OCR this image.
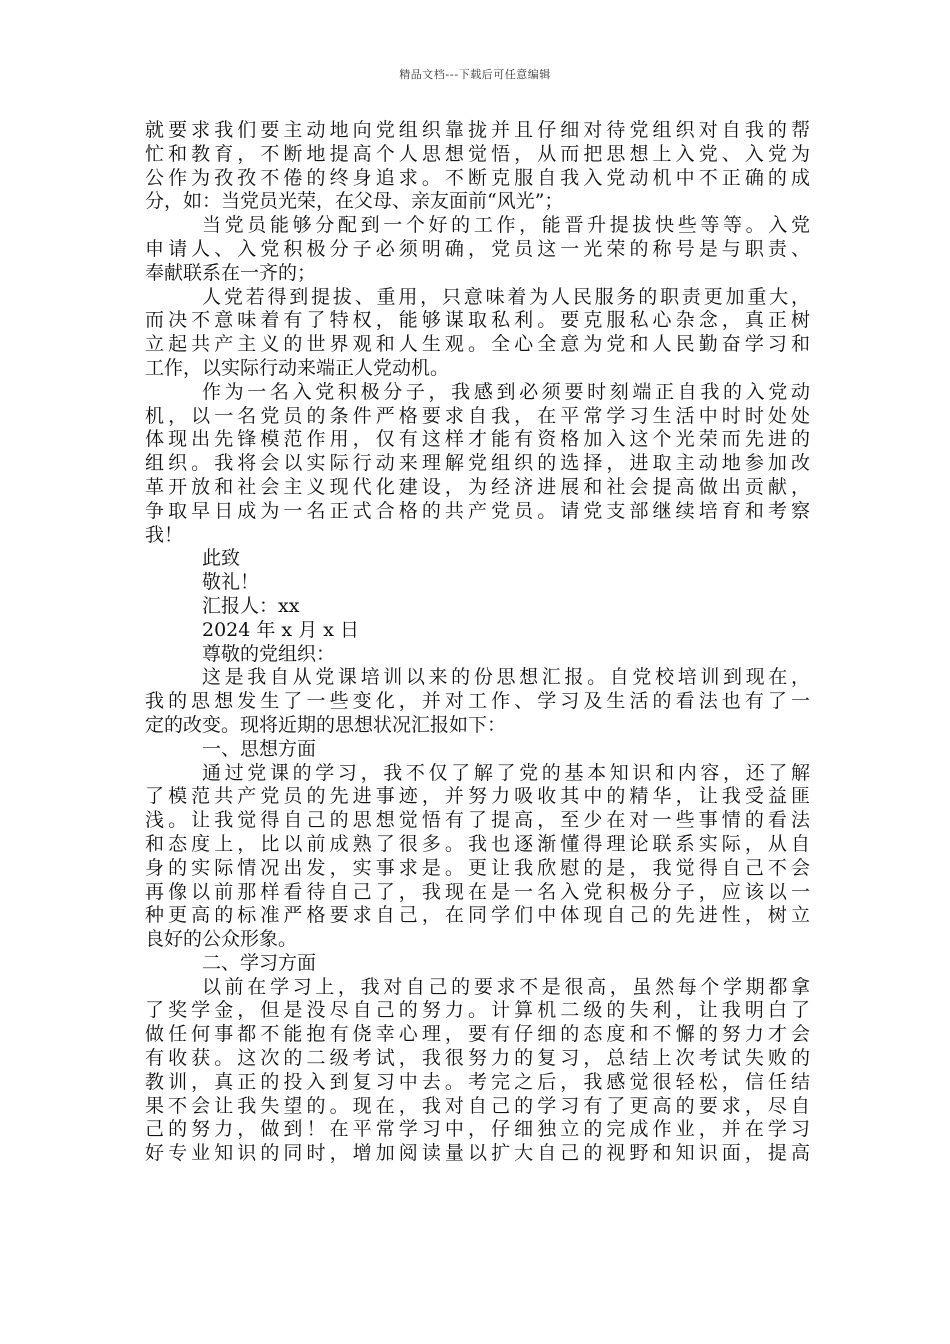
精品文档---下载后可任意编辑
就要求我们要主动地向党组织靠拢并且仔细对待党组织对自我的帮
忙和教育，不断地提高个人思想觉悟，从而把思想上入党、入党为
公作为孜孜不倦的终身追求。不断克服自我入党动机中不正确的成
分，如：当党员光荣，在父母、亲友面前“风光”；
当党员能够分配到一个好的工作，能晋升提拔快些等等。入党
申请人、入党积极分子必须明确，党员这一光荣的称号是与职责、
奉献联系在一齐的；
人党若得到提拔、重用，只意味着为人民服务的职责更加重大，
而决不意味着有了特权，能够谋取私利。要克服私心杂念，真正树
立起共产主义的世界观和人生观。全心全意为党和人民勤奋学习和
工作，以实际行动来端正人党动机。
作为一名入党积极分子，我感到必须要时刻端正自我的入党动
机，以一名党员的条件严格要求自我，在平常学习生活中时时处处
体现出先锋模范作用，仅有这样才能有资格加入这个光荣而先进的
组织。我将会以实际行动来理解党组织的选择，进取主动地参加改
革开放和社会主义现代化建设，为经济进展和社会提高做出贡献，
争取早日成为一名正式合格的共产党员。请党支部继续培育和考察
我！
此致
敬礼！
汇报人：xx
2024 年 x 月 x 日
尊敬的党组织：
这是我自从党课培训以来的份思想汇报。自党校培训到现在，
我的思想发生了一些变化，并对工作、学习及生活的看法也有了一
定的改变。现将近期的思想状况汇报如下：
一、思想方面
通过党课的学习，我不仅了解了党的基本知识和内容，还了解
了模范共产党员的先进事迹，并努力吸收其中的精华，让我受益匪
浅。让我觉得自己的思想觉悟有了提高，至少在对一些事情的看法
和态度上，比以前成熟了很多。我也逐渐懂得理论联系实际，从自
身的实际情况出发，实事求是。更让我欣慰的是，我觉得自己不会
再像以前那样看待自己了，我现在是一名入党积极分子，应该以一
种更高的标准严格要求自己，在同学们中体现自己的先进性，树立
良好的公众形象。
二、学习方面
以前在学习上，我对自己的要求不是很高，虽然每个学期都拿
了奖学金，但是没尽自己的努力。计算机二级的失利，让我明白了
做任何事都不能抱有侥幸心理，要有仔细的态度和不懈的努力才会
有收获。这次的二级考试，我很努力的复习，总结上次考试失败的
教训，真正的投入到复习中去。考完之后，我感觉很轻松，信任结
果不会让我失望的。现在，我对自己的学习有了更高的要求，尽自
己的努力，做到！在平常学习中，仔细独立的完成作业，并在学习
好专业知识的同时，增加阅读量以扩大自己的视野和知识面，提高
